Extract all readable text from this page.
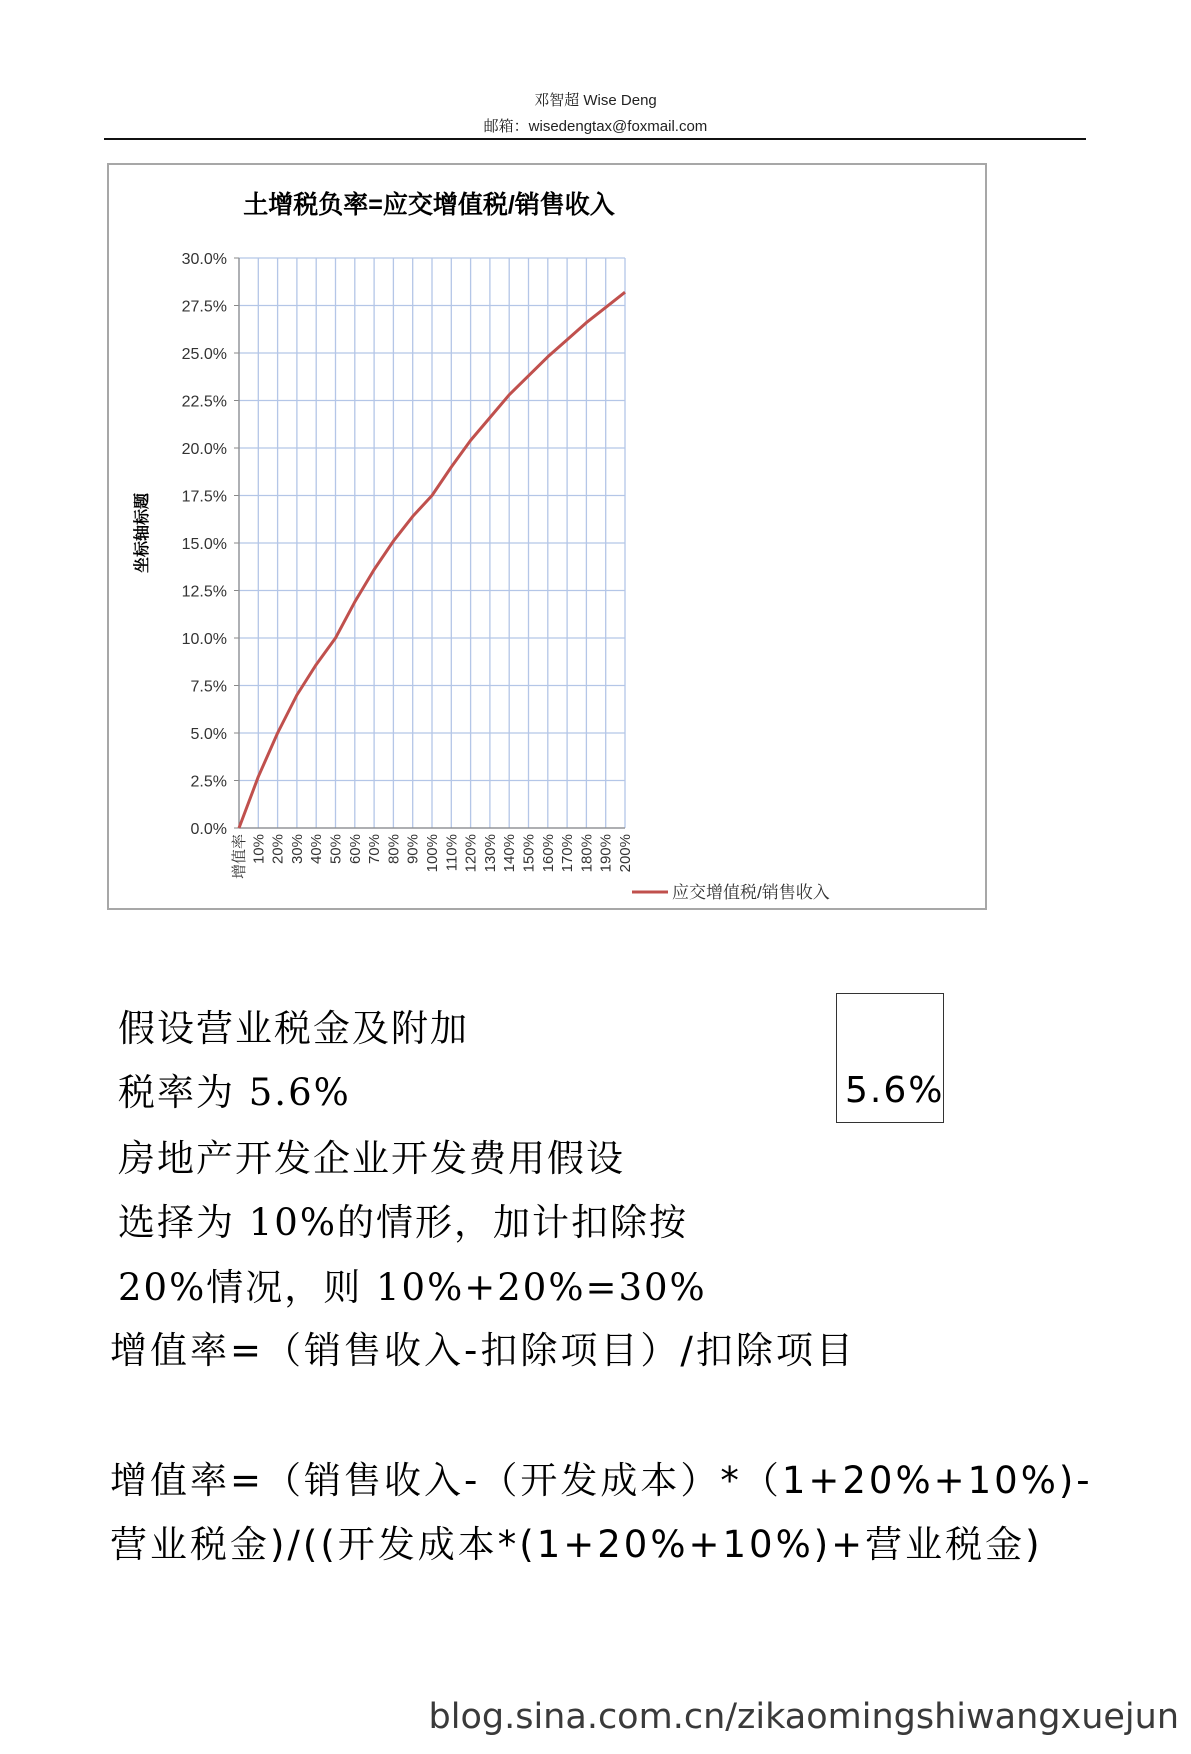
邓智超 Wise Deng
邮箱：wisedengtax@foxmail.com
土增税负率=应交增值税/销售收入
0.0%
2.5%
5.0%
7.5%
10.0%
12.5%
15.0%
17.5%
20.0%
22.5%
25.0%
27.5%
30.0%
增值率 10% 20% 30% 40% 50% 60% 70% 80% 90% 100% 110% 120% 130% 140% 150% 160% 170% 180% 190% 200%
坐标轴标题
应交增值税/销售收入
假设营业税金及附加
税率为 5.6%
房地产开发企业开发费用假设
选择为 10%的情形，加计扣除按
20%情况，则 10%+20%=30%
5.6%
增值率=（销售收入-扣除项目）/扣除项目
增值率=（销售收入-（开发成本）*（1+20%+10%)-
营业税金)/((开发成本*(1+20%+10%)+营业税金)
blog.sina.com.cn/zikaomingshiwangxuejun
